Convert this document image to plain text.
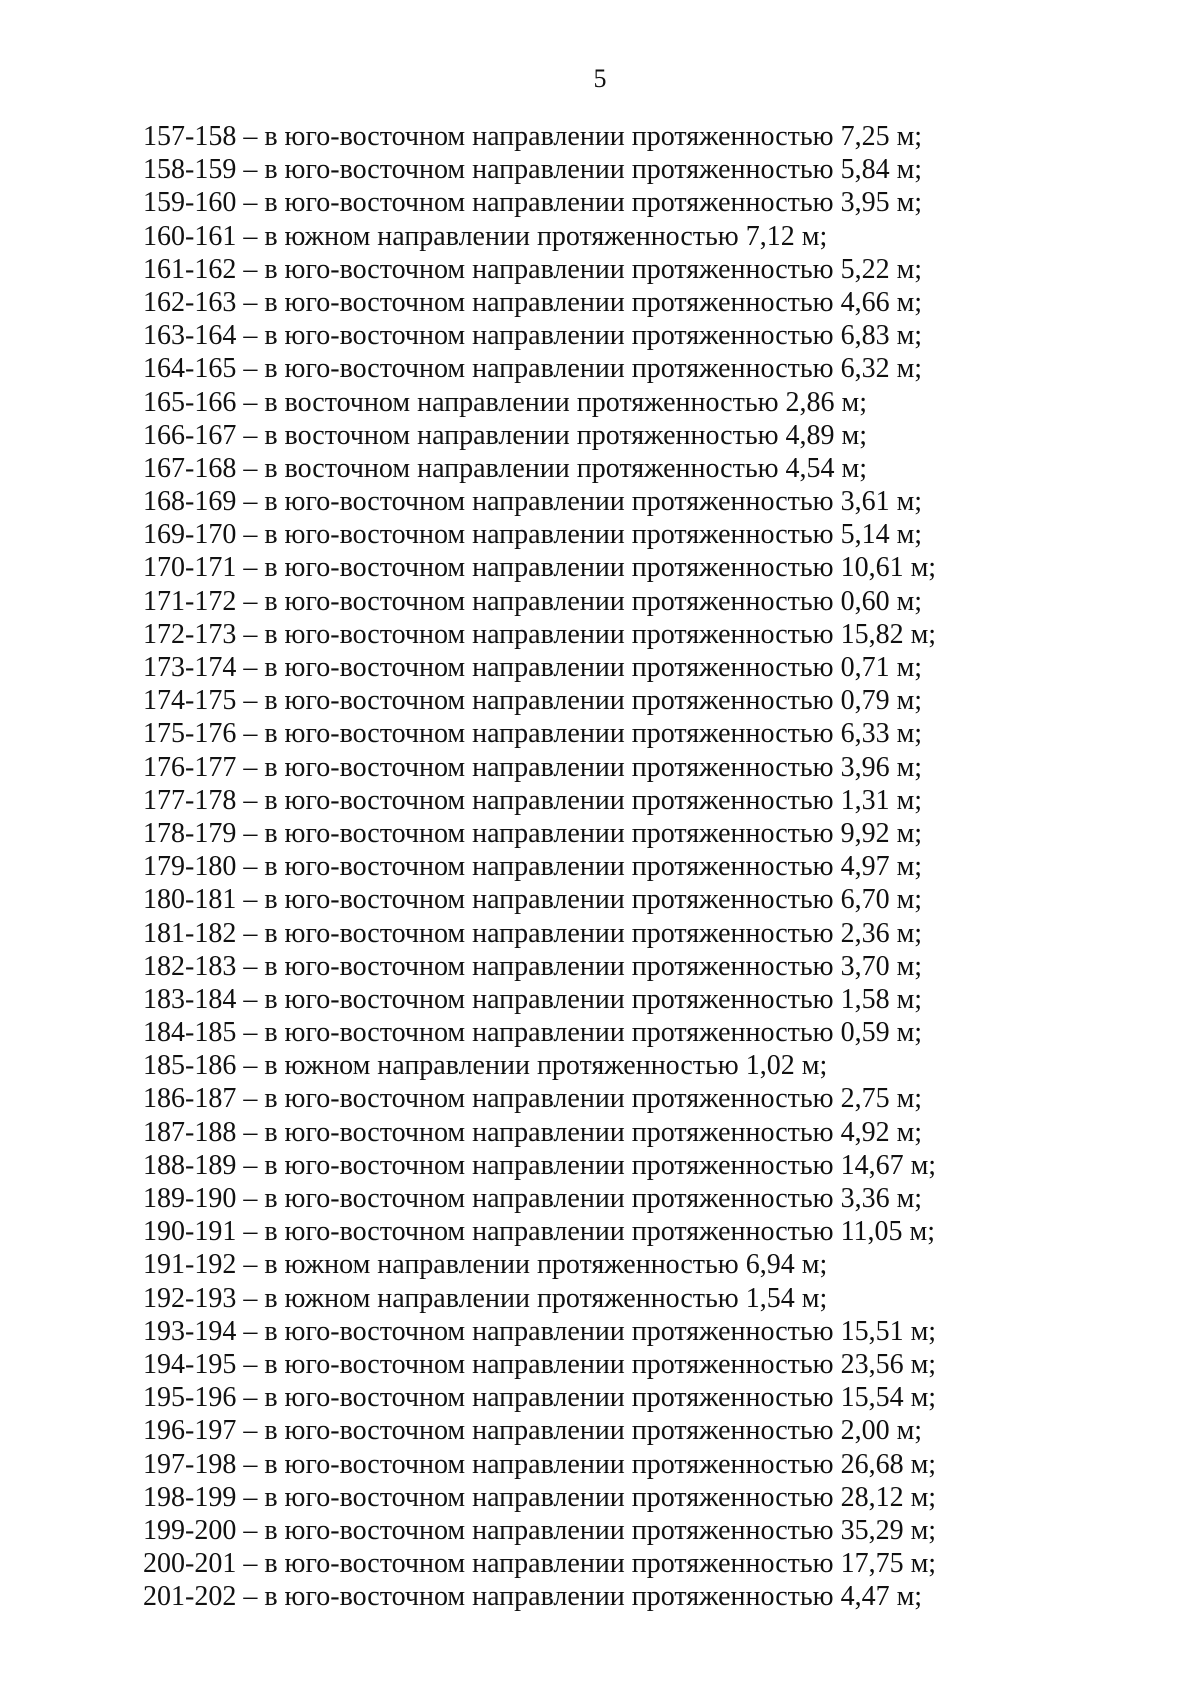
5
157-158 – в юго-восточном направлении протяженностью 7,25 м;
158-159 – в юго-восточном направлении протяженностью 5,84 м;
159-160 – в юго-восточном направлении протяженностью 3,95 м;
160-161 – в южном направлении протяженностью 7,12 м;
161-162 – в юго-восточном направлении протяженностью 5,22 м;
162-163 – в юго-восточном направлении протяженностью 4,66 м;
163-164 – в юго-восточном направлении протяженностью 6,83 м;
164-165 – в юго-восточном направлении протяженностью 6,32 м;
165-166 – в восточном направлении протяженностью 2,86 м;
166-167 – в восточном направлении протяженностью 4,89 м;
167-168 – в восточном направлении протяженностью 4,54 м;
168-169 – в юго-восточном направлении протяженностью 3,61 м;
169-170 – в юго-восточном направлении протяженностью 5,14 м;
170-171 – в юго-восточном направлении протяженностью 10,61 м;
171-172 – в юго-восточном направлении протяженностью 0,60 м;
172-173 – в юго-восточном направлении протяженностью 15,82 м;
173-174 – в юго-восточном направлении протяженностью 0,71 м;
174-175 – в юго-восточном направлении протяженностью 0,79 м;
175-176 – в юго-восточном направлении протяженностью 6,33 м;
176-177 – в юго-восточном направлении протяженностью 3,96 м;
177-178 – в юго-восточном направлении протяженностью 1,31 м;
178-179 – в юго-восточном направлении протяженностью 9,92 м;
179-180 – в юго-восточном направлении протяженностью 4,97 м;
180-181 – в юго-восточном направлении протяженностью 6,70 м;
181-182 – в юго-восточном направлении протяженностью 2,36 м;
182-183 – в юго-восточном направлении протяженностью 3,70 м;
183-184 – в юго-восточном направлении протяженностью 1,58 м;
184-185 – в юго-восточном направлении протяженностью 0,59 м;
185-186 – в южном направлении протяженностью 1,02 м;
186-187 – в юго-восточном направлении протяженностью 2,75 м;
187-188 – в юго-восточном направлении протяженностью 4,92 м;
188-189 – в юго-восточном направлении протяженностью 14,67 м;
189-190 – в юго-восточном направлении протяженностью 3,36 м;
190-191 – в юго-восточном направлении протяженностью 11,05 м;
191-192 – в южном направлении протяженностью 6,94 м;
192-193 – в южном направлении протяженностью 1,54 м;
193-194 – в юго-восточном направлении протяженностью 15,51 м;
194-195 – в юго-восточном направлении протяженностью 23,56 м;
195-196 – в юго-восточном направлении протяженностью 15,54 м;
196-197 – в юго-восточном направлении протяженностью 2,00 м;
197-198 – в юго-восточном направлении протяженностью 26,68 м;
198-199 – в юго-восточном направлении протяженностью 28,12 м;
199-200 – в юго-восточном направлении протяженностью 35,29 м;
200-201 – в юго-восточном направлении протяженностью 17,75 м;
201-202 – в юго-восточном направлении протяженностью 4,47 м;
